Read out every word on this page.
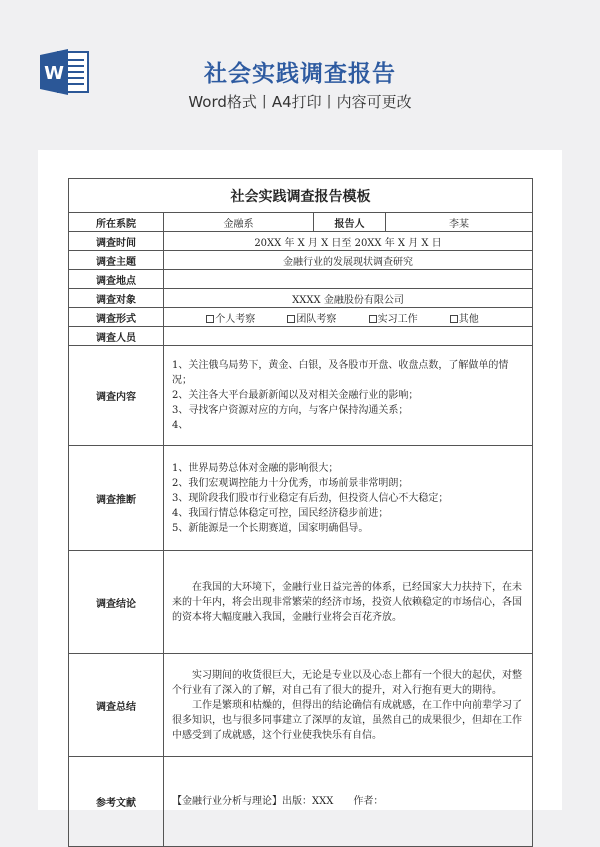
W	社会实践调查报告
Word格式丨A4打印丨内容可更改
社会实践调查报告模板			
所在系院	金融系	报告人	李某
调查时间	20XX 年 X 月 X 日至 20XX 年 X 月 X 日		
调查主题	金融行业的发展现状调查研究		
调查地点			
调查对象	XXXX 金融股份有限公司		
调查形式	个人考察 团队考察 实习工作 其他		
调查人员			
调查内容	1、关注俄乌局势下，黄金、白银，及各股市开盘、收盘点数，了解做单的情况；

2、关注各大平台最新新闻以及对相关金融行业的影响；

3、寻找客户资源对应的方向，与客户保持沟通关系；

4、		

调查推断	1、世界局势总体对金融的影响很大；

2、我们宏观调控能力十分优秀，市场前景非常明朗；

3、现阶段我们股市行业稳定有后劲，但投资人信心不大稳定；

4、我国行情总体稳定可控，国民经济稳步前进；

5、新能源是一个长期赛道，国家明确倡导。		

调查结论	在我国的大环境下，金融行业日益完善的体系，已经国家大力扶持下，在未来的十年内，将会出现非常繁荣的经济市场，投资人依赖稳定的市场信心，各国的资本将大幅度融入我国，金融行业将会百花齐放。		

调查总结	实习期间的收货很巨大，无论是专业以及心态上都有一个很大的起伏，对整个行业有了深入的了解，对自己有了很大的提升，对入行抱有更大的期待。

工作是繁琐和枯燥的，但得出的结论确信有成就感，在工作中向前辈学习了很多知识，也与很多同事建立了深厚的友谊，虽然自己的成果很少，但却在工作中感受到了成就感，这个行业使我快乐有自信。		

参考文献	【金融行业分析与理论】出版：XXX　　作者：		
